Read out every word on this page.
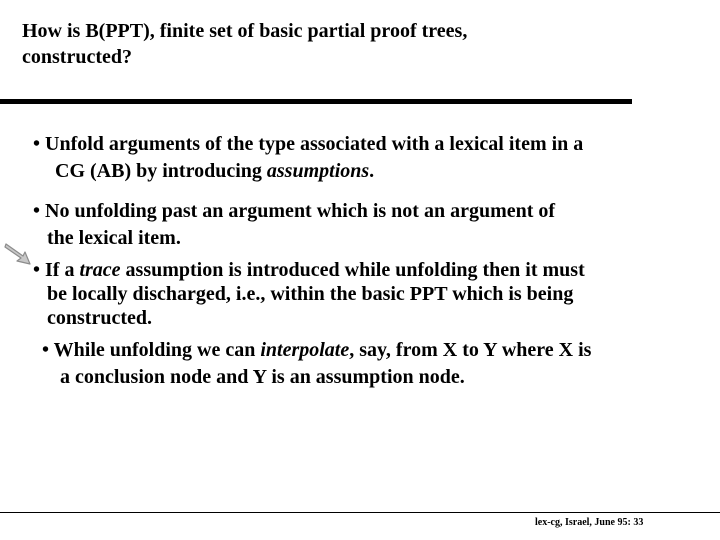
How is B(PPT), finite set of basic partial proof trees,
constructed?
• Unfold arguments of the type associated with a lexical item in a
CG (AB) by introducing assumptions.
• No unfolding past an argument which is not an argument of
the lexical item.
• If a trace assumption is introduced while unfolding then it must
be locally discharged, i.e., within the basic PPT which is being
constructed.
• While unfolding we can interpolate, say, from X to Y where X is
a conclusion node and Y is an assumption node.
lex-cg, Israel, June 95: 33
